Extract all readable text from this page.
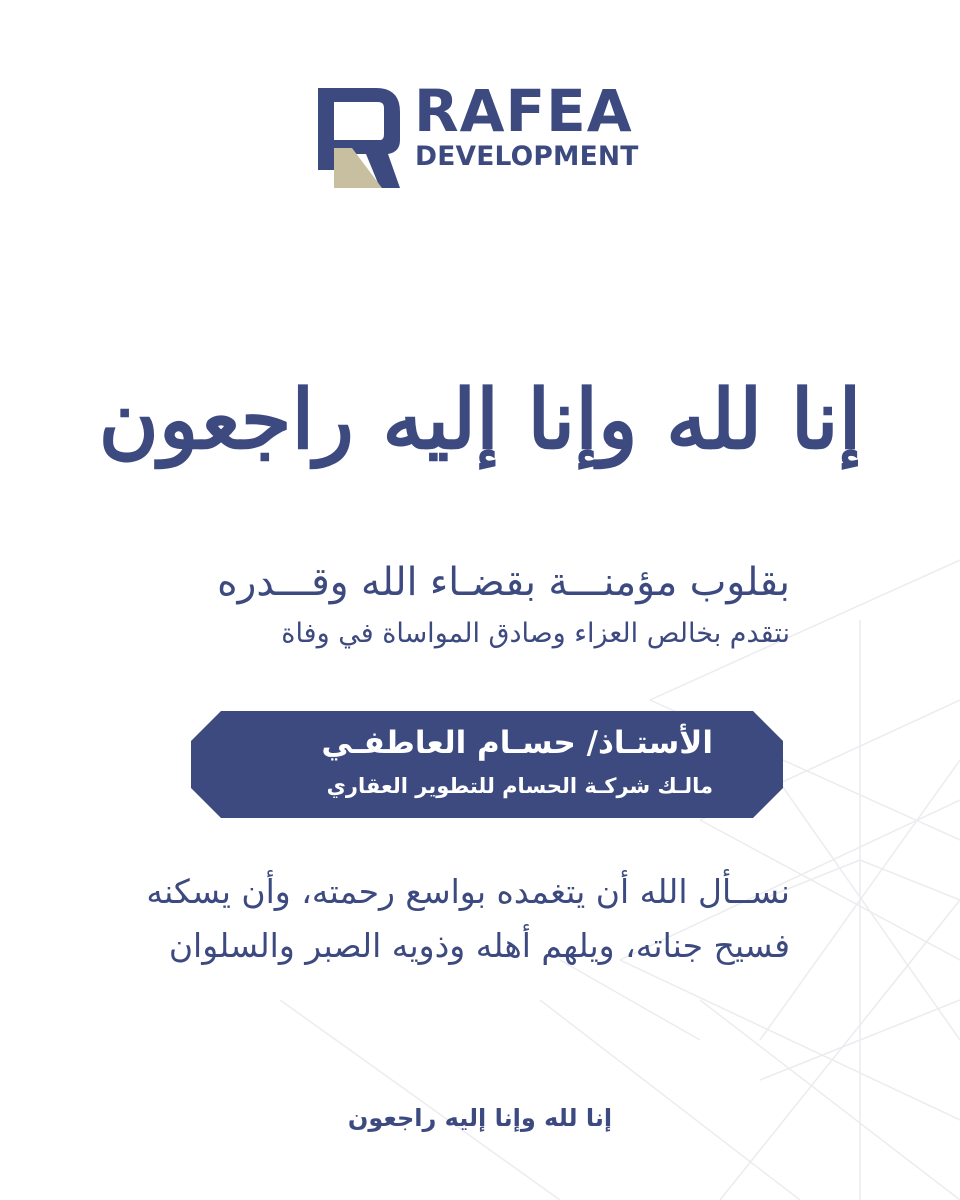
RAFEA
DEVELOPMENT
إنا لله وإنا إليه راجعون
بقلوب مؤمنـــة بقضـاء الله وقـــدره
نتقدم بخالص العزاء وصادق المواساة في وفاة
الأستـاذ/ حسـام العاطفـي
مالـك شركـة الحسام للتطوير العقاري
نســأل الله أن يتغمده بواسع رحمته، وأن يسكنه
فسيح جناته، ويلهم أهله وذويه الصبر والسلوان
إنا لله وإنا إليه راجعون
